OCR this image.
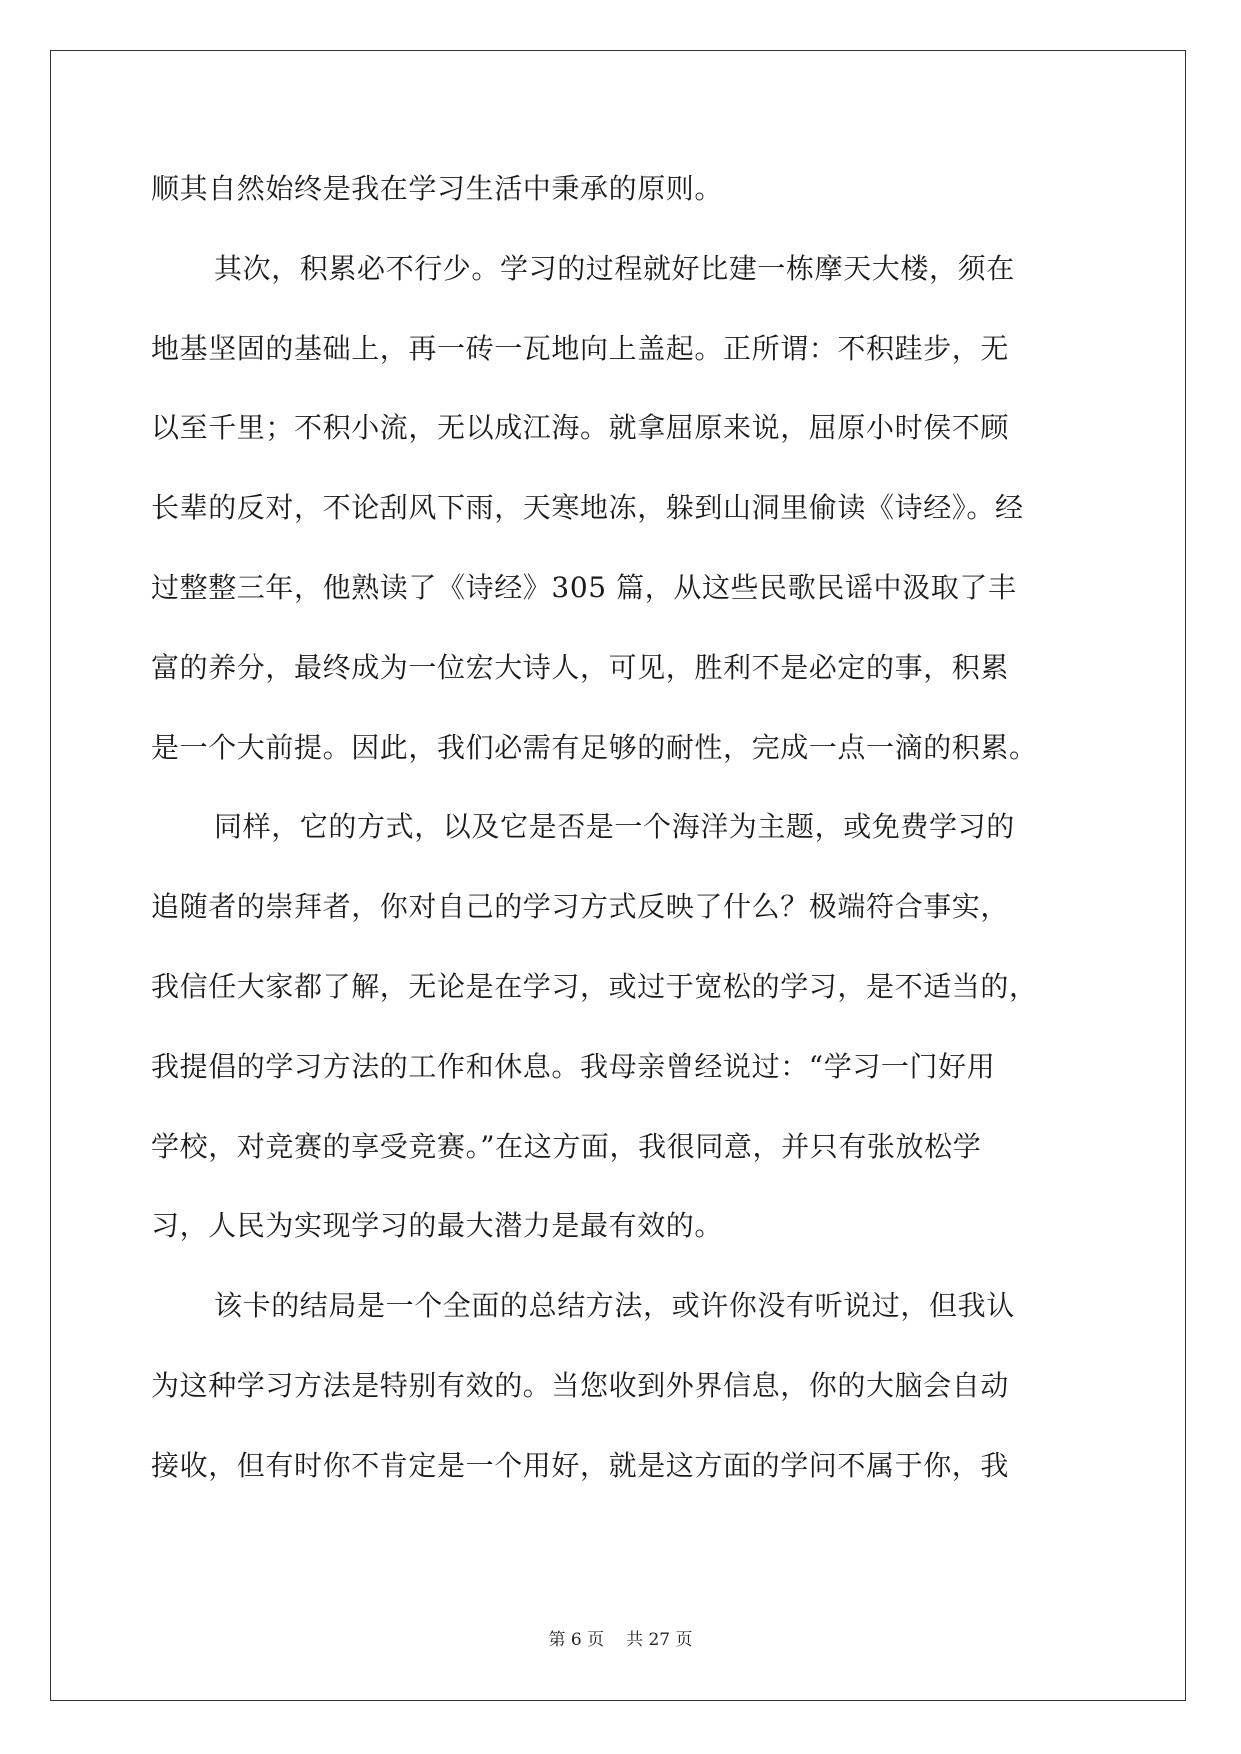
顺其自然始终是我在学习生活中秉承的原则。
其次，积累必不行少。学习的过程就好比建一栋摩天大楼，须在
地基坚固的基础上，再一砖一瓦地向上盖起。正所谓：不积跬步，无
以至千里；不积小流，无以成江海。就拿屈原来说，屈原小时侯不顾
长辈的反对，不论刮风下雨，天寒地冻，躲到山洞里偷读《诗经》。经
过整整三年，他熟读了《诗经》305 篇，从这些民歌民谣中汲取了丰
富的养分，最终成为一位宏大诗人，可见，胜利不是必定的事，积累
是一个大前提。因此，我们必需有足够的耐性，完成一点一滴的积累。
同样，它的方式，以及它是否是一个海洋为主题，或免费学习的
追随者的崇拜者，你对自己的学习方式反映了什么？极端符合事实，
我信任大家都了解，无论是在学习，或过于宽松的学习，是不适当的，
我提倡的学习方法的工作和休息。我母亲曾经说过：“学习一门好用
学校，对竞赛的享受竞赛。”在这方面，我很同意，并只有张放松学
习，人民为实现学习的最大潜力是最有效的。
该卡的结局是一个全面的总结方法，或许你没有听说过，但我认
为这种学习方法是特别有效的。当您收到外界信息，你的大脑会自动
接收，但有时你不肯定是一个用好，就是这方面的学问不属于你，我
第 6 页 共 27 页
